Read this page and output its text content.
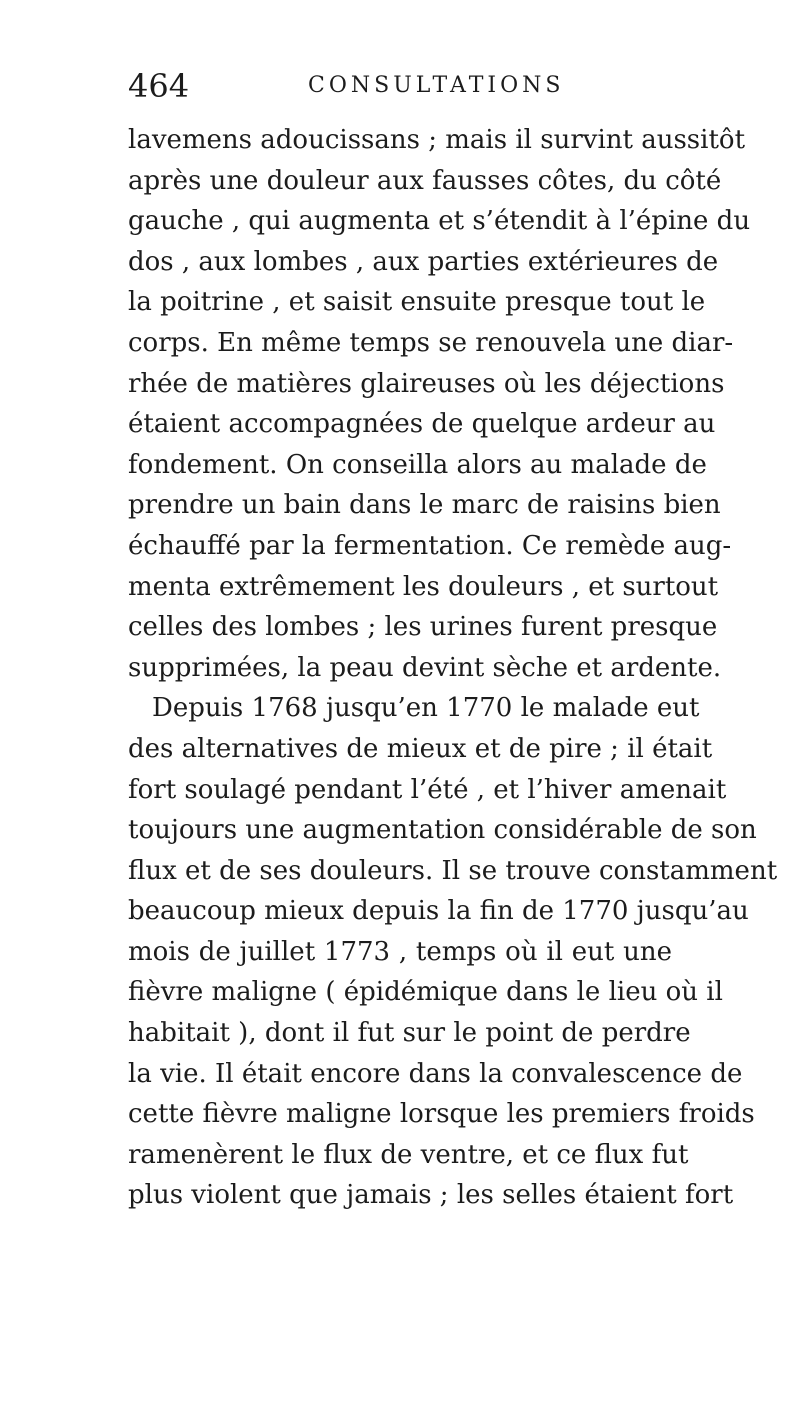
464	CONSULTATIONS
lavemens adoucissans ; mais il survint aussitôt
après une douleur aux fausses côtes, du côté
gauche , qui augmenta et s’étendit à l’épine du
dos , aux lombes , aux parties extérieures de
la poitrine , et saisit ensuite presque tout le
corps. En même temps se renouvela une diar-
rhée de matières glaireuses où les déjections
étaient accompagnées de quelque ardeur au
fondement. On conseilla alors au malade de
prendre un bain dans le marc de raisins bien
échauffé par la fermentation. Ce remède aug-
menta extrêmement les douleurs , et surtout
celles des lombes ; les urines furent presque
supprimées, la peau devint sèche et ardente.
Depuis 1768 jusqu’en 1770 le malade eut
des alternatives de mieux et de pire ; il était
fort soulagé pendant l’été , et l’hiver amenait
toujours une augmentation considérable de son
flux et de ses douleurs. Il se trouve constamment
beaucoup mieux depuis la fin de 1770 jusqu’au
mois de juillet 1773 , temps où il eut une
fièvre maligne ( épidémique dans le lieu où il
habitait ), dont il fut sur le point de perdre
la vie. Il était encore dans la convalescence de
cette fièvre maligne lorsque les premiers froids
ramenèrent le flux de ventre, et ce flux fut
plus violent que jamais ; les selles étaient fort
